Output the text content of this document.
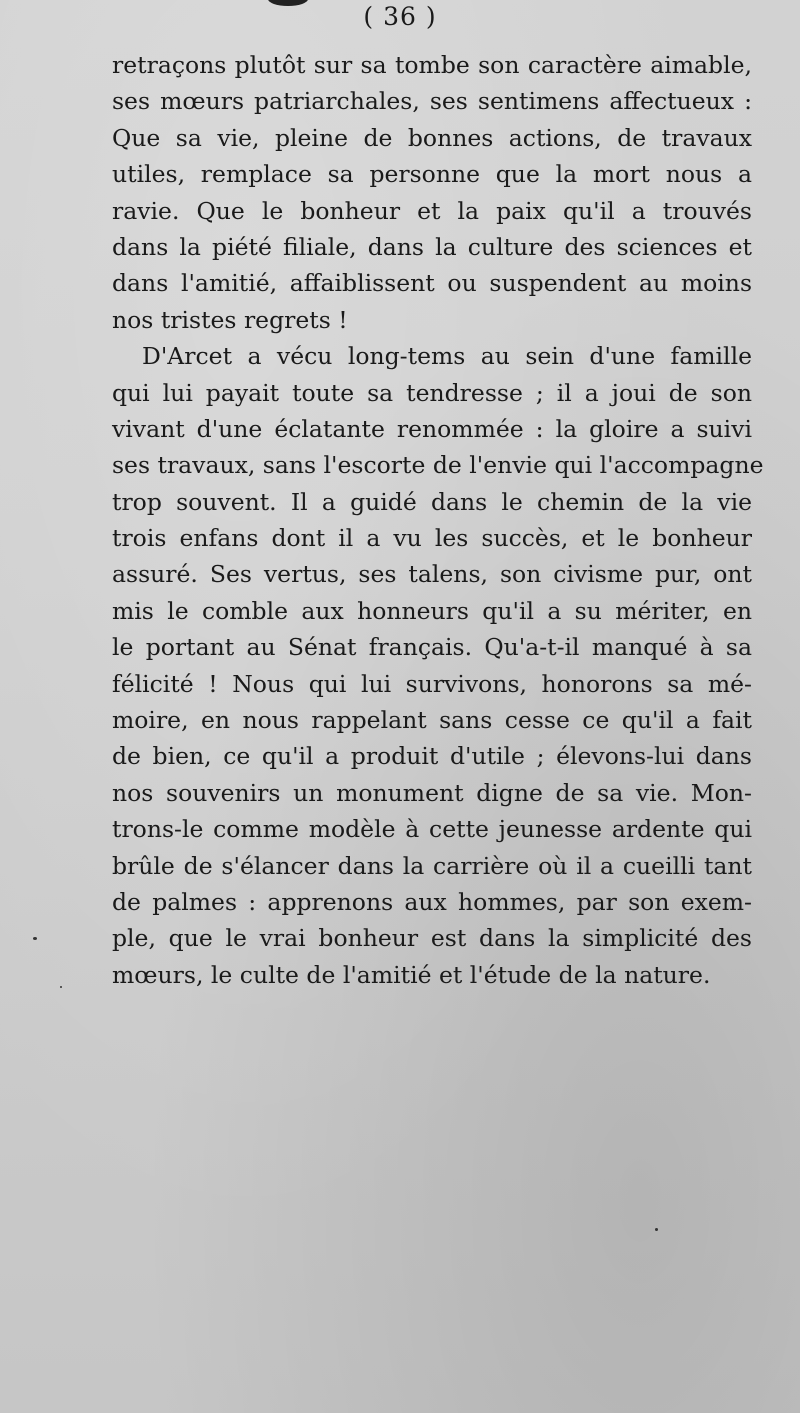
( 36 )
retraçons plutôt sur sa tombe son caractère aimable,
ses mœurs patriarchales, ses sentimens affectueux :
Que sa vie, pleine de bonnes actions, de travaux
utiles, remplace sa personne que la mort nous a
ravie. Que le bonheur et la paix qu'il a trouvés
dans la piété filiale, dans la culture des sciences et
dans l'amitié, affaiblissent ou suspendent au moins
nos tristes regrets !
D'Arcet a vécu long-tems au sein d'une famille
qui lui payait toute sa tendresse ; il a joui de son
vivant d'une éclatante renommée : la gloire a suivi
ses travaux, sans l'escorte de l'envie qui l'accompagne
trop souvent. Il a guidé dans le chemin de la vie
trois enfans dont il a vu les succès, et le bonheur
assuré. Ses vertus, ses talens, son civisme pur, ont
mis le comble aux honneurs qu'il a su mériter, en
le portant au Sénat français. Qu'a-t-il manqué à sa
félicité ! Nous qui lui survivons, honorons sa mé-
moire, en nous rappelant sans cesse ce qu'il a fait
de bien, ce qu'il a produit d'utile ; élevons-lui dans
nos souvenirs un monument digne de sa vie. Mon-
trons-le comme modèle à cette jeunesse ardente qui
brûle de s'élancer dans la carrière où il a cueilli tant
de palmes : apprenons aux hommes, par son exem-
ple, que le vrai bonheur est dans la simplicité des
mœurs, le culte de l'amitié et l'étude de la nature.
